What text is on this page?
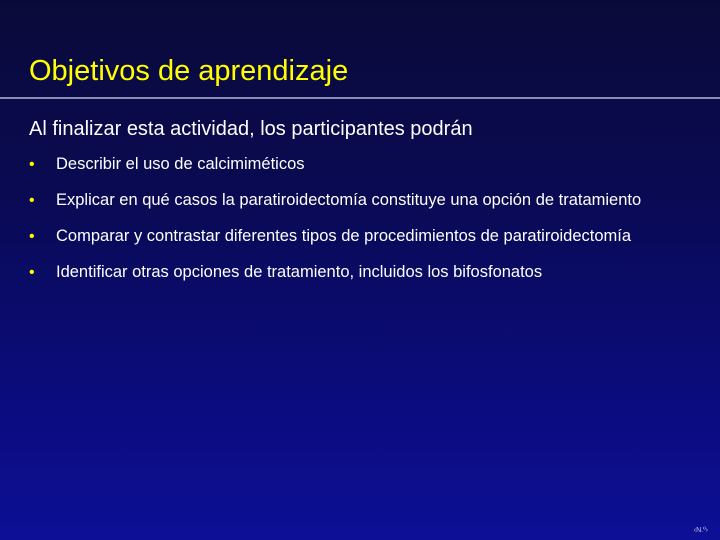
Objetivos de aprendizaje
Al finalizar esta actividad, los participantes podrán
• Describir el uso de calcimiméticos
• Explicar en qué casos la paratiroidectomía constituye una opción de tratamiento
• Comparar y contrastar diferentes tipos de procedimientos de paratiroidectomía
• Identificar otras opciones de tratamiento, incluidos los bifosfonatos
‹N.º›
